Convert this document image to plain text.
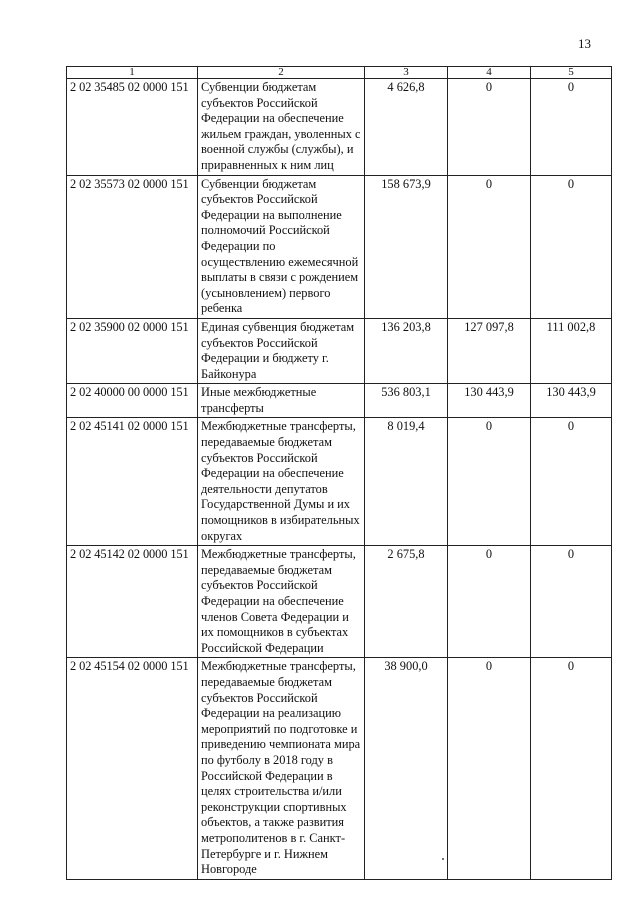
13
1	2	3	4	5
2 02 35485 02 0000 151	Субвенции бюджетам субъектов Российской Федерации на обеспечение жильем граждан, уволенных с военной службы (службы), и приравненных к ним лиц	4 626,8	0	0
2 02 35573 02 0000 151	Субвенции бюджетам субъектов Российской Федерации на выполнение полномочий Российской Федерации по осуществлению ежемесячной выплаты в связи с рождением (усыновлением) первого ребенка	158 673,9	0	0
2 02 35900 02 0000 151	Единая субвенция бюджетам субъектов Российской Федерации и бюджету г. Байконура	136 203,8	127 097,8	111 002,8
2 02 40000 00 0000 151	Иные межбюджетные трансферты	536 803,1	130 443,9	130 443,9
2 02 45141 02 0000 151	Межбюджетные трансферты, передаваемые бюджетам субъектов Российской Федерации на обеспечение деятельности депутатов Государственной Думы и их помощников в избирательных округах	8 019,4	0	0
2 02 45142 02 0000 151	Межбюджетные трансферты, передаваемые бюджетам субъектов Российской Федерации на обеспечение членов Совета Федерации и их помощников в субъектах Российской Федерации	2 675,8	0	0
2 02 45154 02 0000 151	Межбюджетные трансферты, передаваемые бюджетам субъектов Российской Федерации на реализацию мероприятий по подготовке и приведению чемпионата мира по футболу в 2018 году в Российской Федерации в целях строительства и/или реконструкции спортивных объектов, а также развития метрополитенов в г. Санкт-Петербурге и г. Нижнем Новгороде	38 900,0	0	0
